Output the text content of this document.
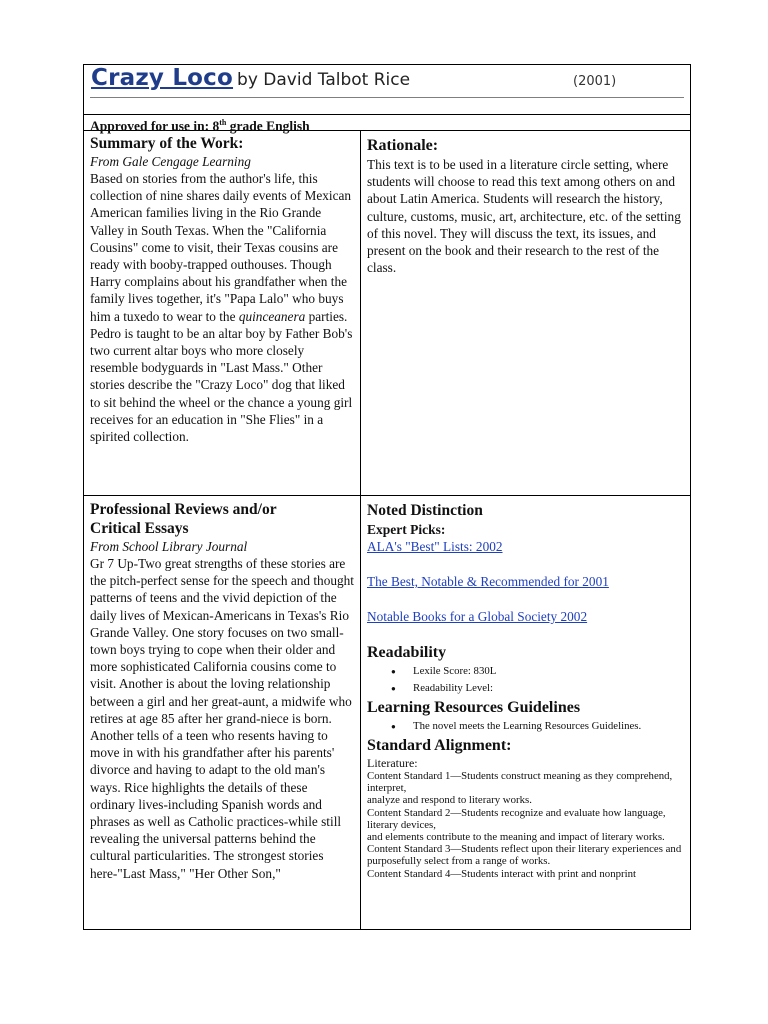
Crazy Loco by David Talbot Rice	(2001)
Approved for use in: 8th grade English
Summary of the Work:
From Gale Cengage Learning
Based on stories from the author's life, this collection of nine shares daily events of Mexican American families living in the Rio Grande Valley in South Texas. When the "California Cousins" come to visit, their Texas cousins are ready with booby-trapped outhouses. Though Harry complains about his grandfather when the family lives together, it's "Papa Lalo" who buys him a tuxedo to wear to the quinceanera parties. Pedro is taught to be an altar boy by Father Bob's two current altar boys who more closely resemble bodyguards in "Last Mass." Other stories describe the "Crazy Loco" dog that liked to sit behind the wheel or the chance a young girl receives for an education in "She Flies" in a spirited collection.
Rationale:
This text is to be used in a literature circle setting, where students will choose to read this text among others on and about Latin America. Students will research the history, culture, customs, music, art, architecture, etc. of the setting of this novel. They will discuss the text, its issues, and present on the book and their research to the rest of the class.
Professional Reviews and/or
Critical Essays
From School Library Journal
Gr 7 Up-Two great strengths of these stories are the pitch-perfect sense for the speech and thought patterns of teens and the vivid depiction of the daily lives of Mexican-Americans in Texas's Rio Grande Valley. One story focuses on two small-town boys trying to cope when their older and more sophisticated California cousins come to visit. Another is about the loving relationship between a girl and her great-aunt, a midwife who retires at age 85 after her grand-niece is born. Another tells of a teen who resents having to move in with his grandfather after his parents' divorce and having to adapt to the old man's ways. Rice highlights the details of these ordinary lives-including Spanish words and phrases as well as Catholic practices-while still revealing the universal patterns behind the cultural particularities. The strongest stories here-"Last Mass," "Her Other Son,"
Noted Distinction
Expert Picks:
ALA's "Best" Lists: 2002
The Best, Notable & Recommended for 2001
Notable Books for a Global Society 2002
Readability
● Lexile Score: 830L
● Readability Level:
Learning Resources Guidelines
● The novel meets the Learning Resources Guidelines.
Standard Alignment:
Literature:
Content Standard 1—Students construct meaning as they comprehend, interpret,
analyze and respond to literary works.
Content Standard 2—Students recognize and evaluate how language, literary devices,
and elements contribute to the meaning and impact of literary works.
Content Standard 3—Students reflect upon their literary experiences and
purposefully select from a range of works.
Content Standard 4—Students interact with print and nonprint
